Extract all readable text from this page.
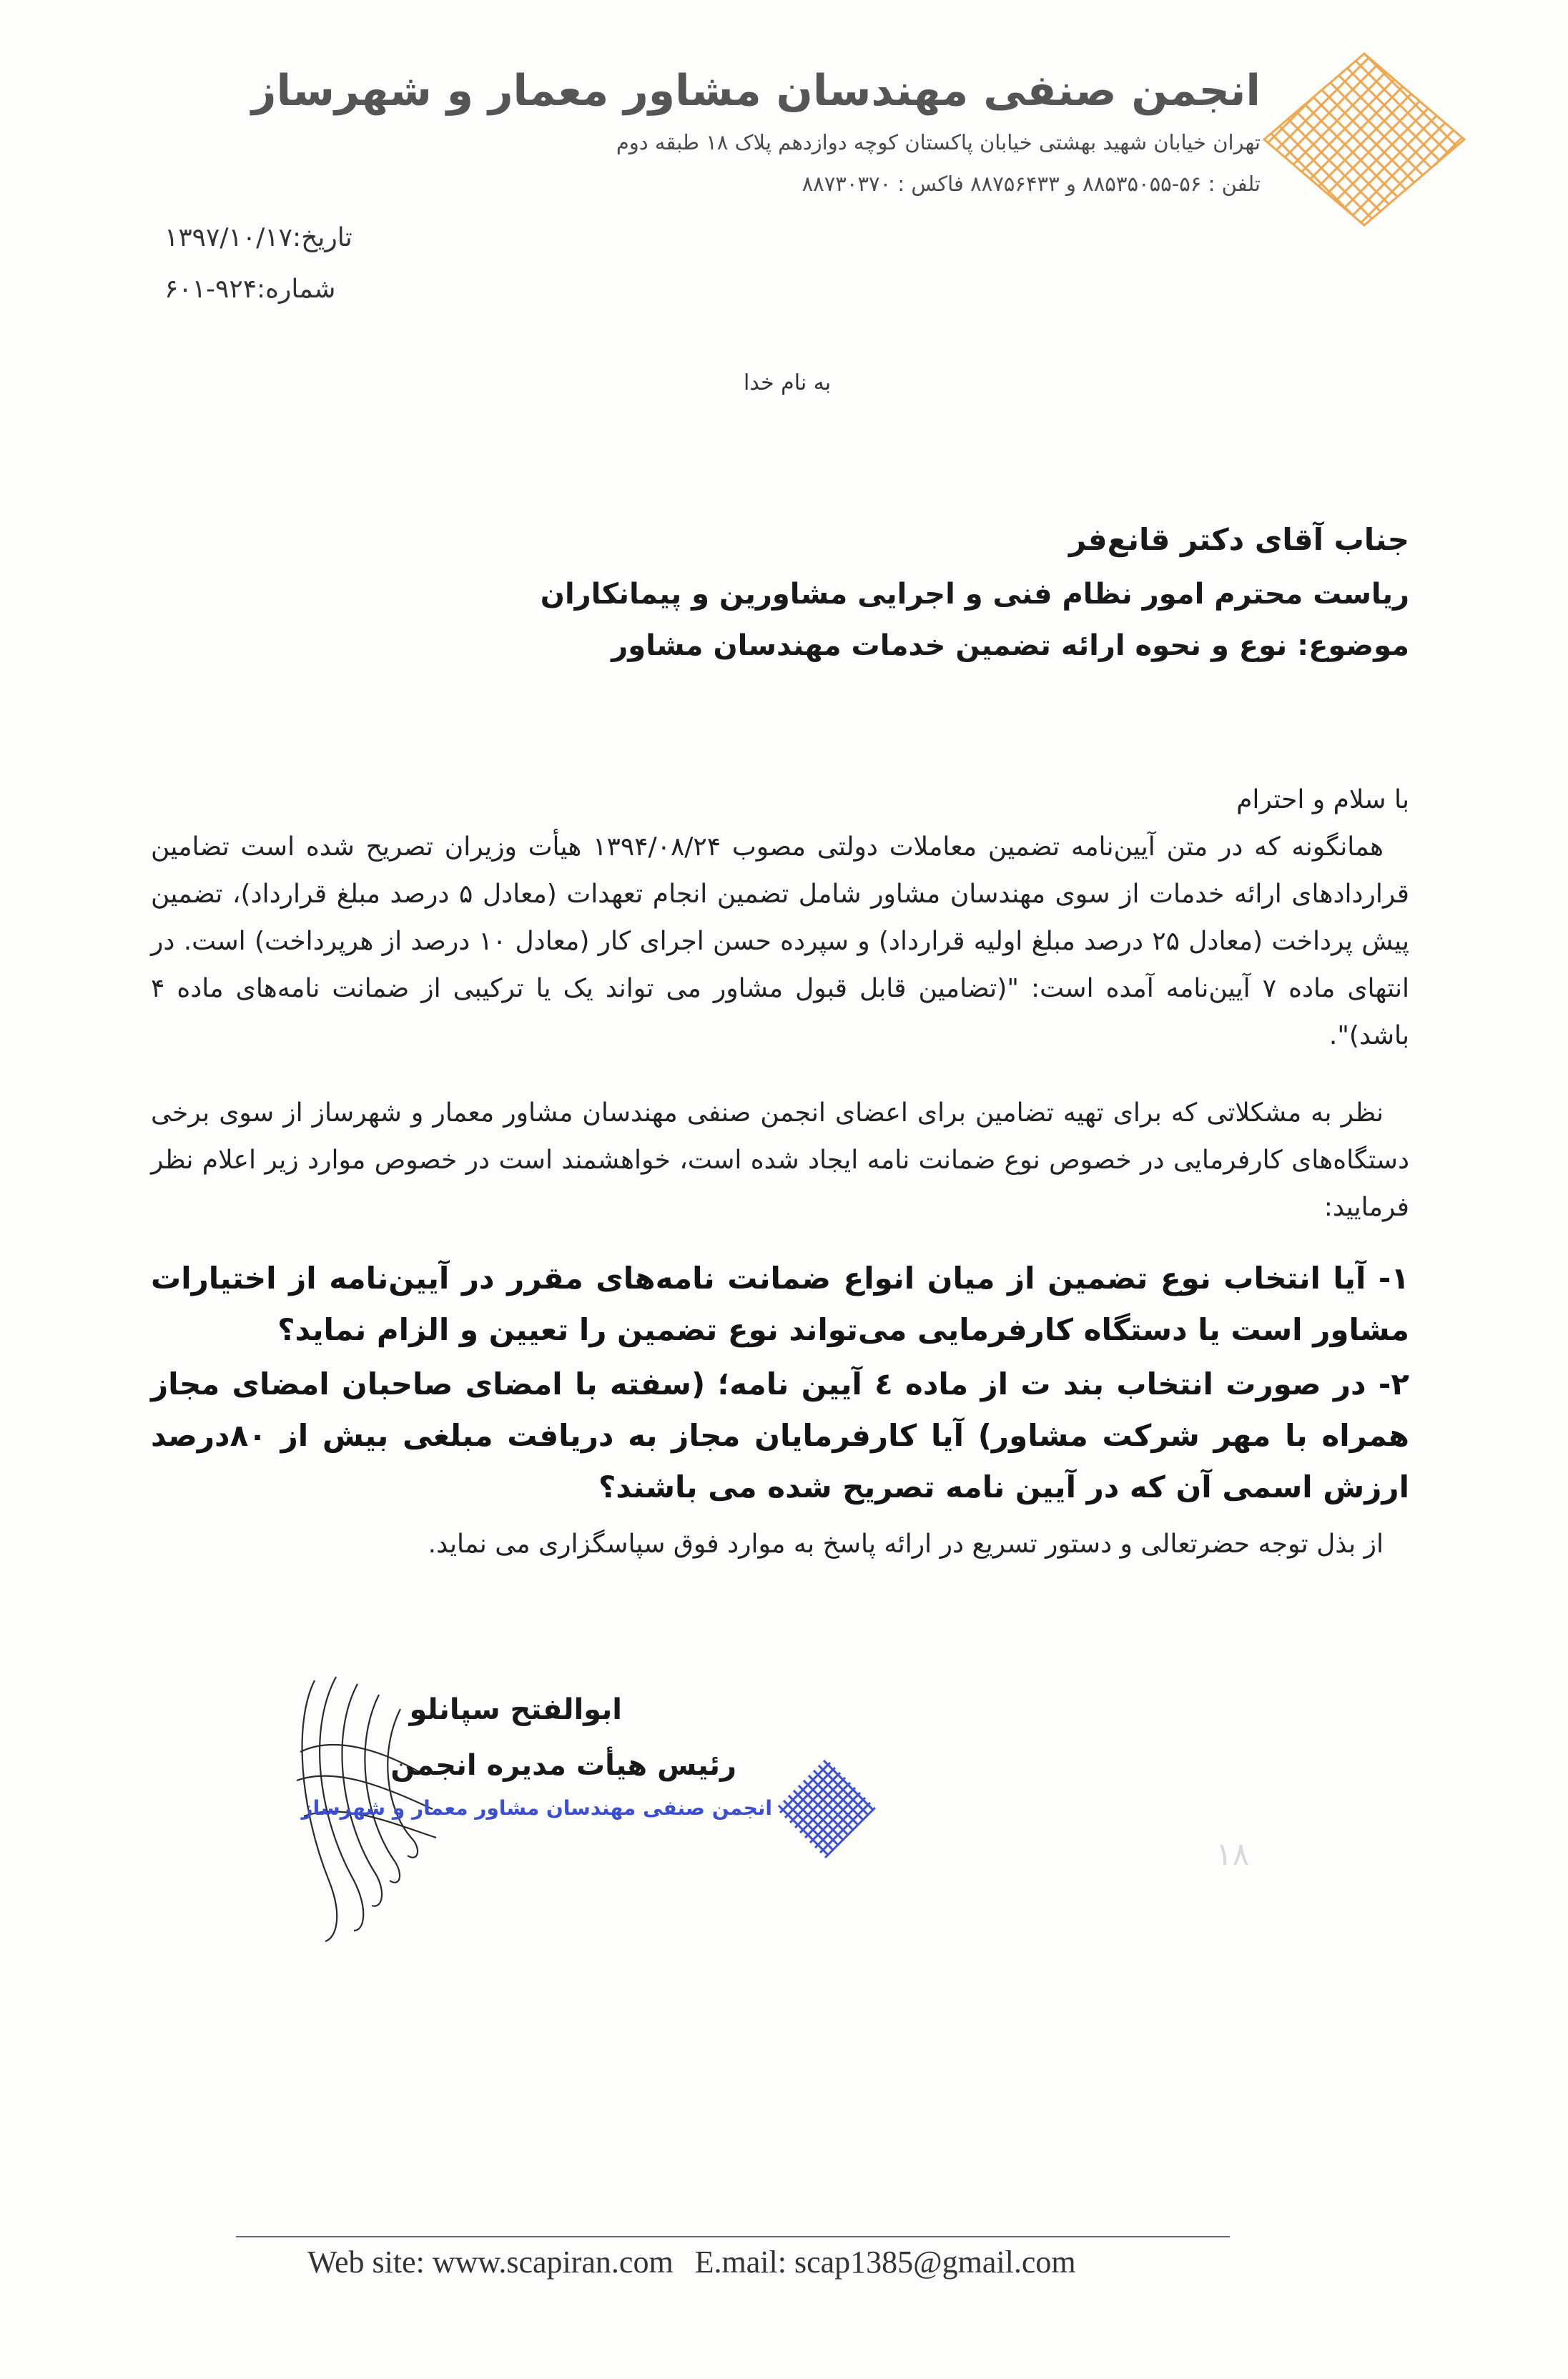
انجمن صنفی مهندسان مشاور معمار و شهرساز
تهران خیابان شهید بهشتی خیابان پاکستان کوچه دوازدهم پلاک ۱۸ طبقه دوم
تلفن : ۵۶-۸۸۵۳۵۰۵۵ و ۸۸۷۵۶۴۳۳ فاکس : ۸۸۷۳۰۳۷۰
تاریخ:۱۳۹۷/۱۰/۱۷
شماره:۹۲۴-۶۰۱
به نام خدا
جناب آقای دکتر قانع‌فر
ریاست محترم امور نظام فنی و اجرایی مشاورین و پیمانکاران
موضوع: نوع و نحوه ارائه تضمین خدمات مهندسان مشاور
با سلام و احترام
همانگونه که در متن آیین‌نامه تضمین معاملات دولتی مصوب ۱۳۹۴/۰۸/۲۴ هیأت وزیران تصریح شده است تضامین قراردادهای ارائه خدمات از سوی مهندسان مشاور شامل تضمین انجام تعهدات (معادل ۵ درصد مبلغ قرارداد)، تضمین پیش پرداخت (معادل ۲۵ درصد مبلغ اولیه قرارداد) و سپرده حسن اجرای کار (معادل ۱۰ درصد از هرپرداخت) است. در انتهای ماده ۷ آیین‌نامه آمده است: "(تضامین قابل قبول مشاور می تواند یک یا ترکیبی از ضمانت نامه‌های ماده ۴ باشد)".
نظر به مشکلاتی که برای تهیه تضامین برای اعضای انجمن صنفی مهندسان مشاور معمار و شهرساز از سوی برخی دستگاه‌های کارفرمایی در خصوص نوع ضمانت نامه ایجاد شده است، خواهشمند است در خصوص موارد زیر اعلام نظر فرمایید:
۱- آیا انتخاب نوع تضمین از میان انواع ضمانت نامه‌های مقرر در آیین‌نامه از اختیارات مشاور است یا دستگاه کارفرمایی می‌تواند نوع تضمین را تعیین و الزام نماید؟
۲- در صورت انتخاب بند ت از ماده ٤ آیین نامه؛ (سفته با امضای صاحبان امضای مجاز همراه با مهر شرکت مشاور) آیا کارفرمایان مجاز به دریافت مبلغی بیش از ۸۰درصد ارزش اسمی آن که در آیین نامه تصریح شده می باشند؟
از بذل توجه حضرتعالی و دستور تسریع در ارائه پاسخ به موارد فوق سپاسگزاری می نماید.
ابوالفتح سپانلو
رئیس هیأت مدیره انجمن
انجمن صنفی مهندسان مشاور معمار و شهرساز
۱۸
Web site: www.scapiran.com E.mail: scap1385@gmail.com
